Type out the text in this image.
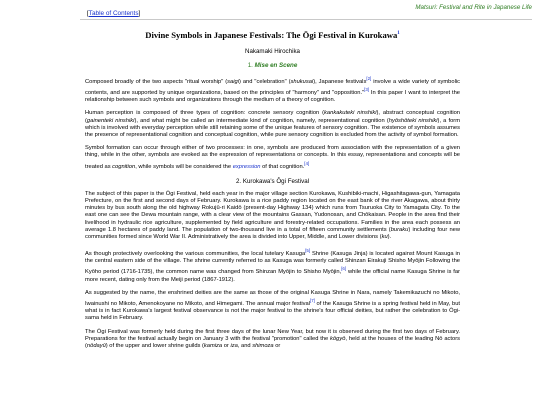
[Table of Contents]
Matsuri: Festival and Rite in Japanese Life
Divine Symbols in Japanese Festivals: The Ōgi Festival in Kurokawa$^1$
Nakamaki Hirochika
1. Mise en Scene

Composed broadly of the two aspects "ritual worship" (saigi) and "celebration" (shukusai), Japanese festivals[2] involve a wide variety of symbolic contents, and are supported by unique organizations, based on the principles of "harmony" and "opposition."[3] In this paper I want to interpret the relationship between such symbols and organizations through the medium of a theory of cognition.

Human perception is composed of three types of cognition: concrete sensory cognition (kankakuteki ninshiki), abstract conceptual cognition (gainenteki ninshiki), and what might be called an intermediate kind of cognition, namely, representational cognition (hyōshōteki ninshiki), a form which is involved with everyday perception while still retaining some of the unique features of sensory cognition. The existence of symbols assumes the presence of representational cognition and conceptual cognition, while pure sensory cognition is excluded from the activity of symbol formation.

Symbol formation can occur through either of two processes: in one, symbols are produced from association with the representation of a given thing, while in the other, symbols are evoked as the expression of representations or concepts. In this essay, representations and concepts will be treated as cognition, while symbols will be considered the expression of that cognition.[4]

2. Kurokawa's Ōgi Festival

The subject of this paper is the Ōgi Festival, held each year in the major village section Kurokawa, Kushibiki-machi, Higashitagawa-gun, Yamagata Prefecture, on the first and second days of February. Kurokawa is a rice paddy region located on the east bank of the river Akagawa, about thirty minutes by bus south along the old highway Rokujū-ri Kaidō (present-day Highway 134) which runs from Tsuruoka City to Yamagata City. To the east one can see the Dewa mountain range, with a clear view of the mountains Gassan, Yudonosan, and Chōkaisan. People in the area find their livelihood in hydraulic rice agriculture, supplemented by field agriculture and forestry-related occupations. Families in the area each possess an average 1.8 hectares of paddy land. The population of two-thousand live in a total of fifteen community settlements (buraku) including four new communities formed since World War II. Administratively the area is divided into Upper, Middle, and Lower divisions (ku).

As though protectively overlooking the various communities, the local tutelary Kasuga[5] Shrine (Kasuga Jinja) is located against Mount Kasuga in the central eastern side of the village. The shrine currently referred to as Kasuga was formerly called Shinzan Eirakuji Shisho Myōjin Following the Kyōho period (1716-1735), the common name was changed from Shinzan Myōjin to Shisho Myōjin,[6] while the official name Kasuga Shrine is far more recent, dating only from the Meiji period (1867-1912).

As suggested by the name, the enshrined deities are the same as those of the original Kasuga Shrine in Nara, namely Takemikazuchi no Mikoto, Iwainushi no Mikoto, Amenokoyane no Mikoto, and Himegami. The annual major festival[7] of the Kasuga Shrine is a spring festival held in May, but what is in fact Kurokawa's largest festival observance is not the major festival to the shrine's four official deities, but rather the celebration to Ōgi-sama held in February.

The Ōgi Festival was formerly held during the first three days of the lunar New Year, but now it is observed during the first two days of February. Preparations for the festival actually begin on January 3 with the festival "promotion" called the kōgyō, held at the houses of the leading Nō actors (nōdayū) of the upper and lower shrine guilds (kamiza or iza, and shimoza or
